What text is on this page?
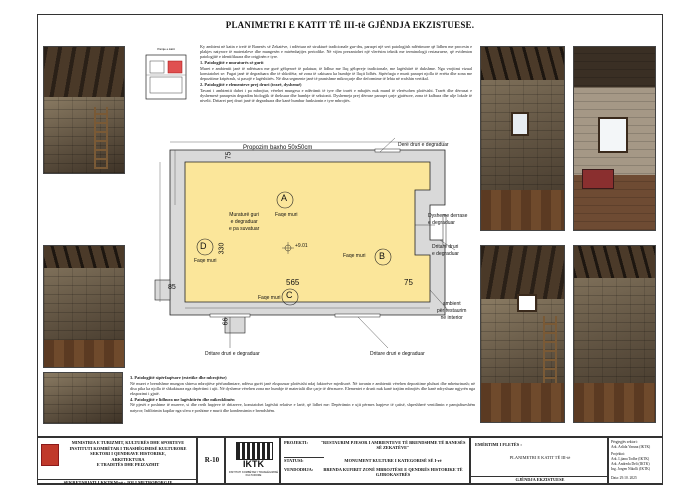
PLANIMETRI E KATIT TË III-të GJËNDJA EKZISTUESE.
Pamje e katit	Ky ambient në katin e tretë të Banesës së Zekatëve, i ndërtuar në strukturë tradicionale gur-dru, paraqet një seri patologjish ndërtimore që lidhen me procesin e plakjes natyrore të materialeve dhe mungesën e mirëmbajtjes periodike. Në vijim prezantohet një vlerësim teknik me terminologji restauruese, që evidenton patologjitë e identifikuara dhe origjinën e tyre.

1. Patologjitë e muraturës së gurit

Muret e ambientit janë të ndërtuara me gurë gëlqerorë të palatuar, të lidhur me llaç gëlqereje tradicionale, me lagështirë të dukshme. Nga vrojtimi vizual konstatohet se: Fugat janë të degraduara dhe të shkrifëta; në zona të caktuara ka humbje të llaçit lidhës. Sipërfaqja e murit paraqet njolla të errëta dhe zona me depozitime kripërash, si pasojë e lagështirës. Në disa segmente janë të pranishme mikroçarje dhe deformime të lehta në rrafshin vertikal.

2. Patologjitë e elementeve prej druri (trarë, dyshemé)

Tavani i ambientit dubet i pa mbrojtur, vërehet mungesa e ndërtimit të tyre dhe trarët e mbajtës nuk mund të vlerësohen plotësisht. Trarët dhe dërrasat e dyshemesë paraqesin degradim biologjik të theksuar dhe humbje të seksionit. Dyshemeja prej dërrase paraqet çarje gjatësore, zona të kalbura dhe ulje lokale të nivelit. Dritaret prej druri janë të degraduara dhe kanë humbur funksionin e tyre mbrojtës.

Propozim baxho 50x50cm
75
330
85
66
565	75
+9.01
A
Faqe muri
B
Faqe muri
C
Faqe muri
D
Faqe muri
Muraturë guri
e degraduar
e pa suvatuar
Derë druri e degraduar
Dysheme derrase
e degraduar
Dritare druri
e degraduar
ambient
për restaurim
në interior
Dritare druri e degraduar	Dritare druri e degraduar
3. Patologjitë sipërfaqësore (estetike dhe mbrojtëse)

Në muret e brendshme mungon shtresa mbrojtëse përfundimtare, ndërsa gurët janë ekspozuar plotësisht ndaj faktorëve mjedisorë. Në tavanin e ambientit vërehen depozitime pluhuri dhe mbeturinash; në disa pika ka njolla të shkaktuara nga depërtimi i ujit. Në dysheme vërehen zona me humbje të materialit dhe çarje të dërrasave. Elementet e drurit nuk kanë trajtim mbrojtës dhe kanë ndryshuar ngjyrën nga ekspozimi i gjatë.

4. Patologjitë e lidhura me lagështirën dhe mikroklimën

Në pjesët e poshtme të mureve, si dhe rreth hapjeve të dritareve, konstatohet lagështi relative e lartë, që lidhet me: Depërtimin e ujit përmes hapjeve të çatisë, shpeshherë ventilimin e pamjaftueshëm natyror; Infiltrimin kapilar nga sfera e poshtme e murit dhe kondensimin e brendshëm.

MINISTRIA E TURIZMIT, KULTURËS DHE SPORTEVE
INSTITUTI KOMBËTAR I TRASHËGIMISË KULTURORE
SEKTORI I QENDRAVE HISTORIKE,
ARKITEKTURA
E TRADITËS DHE PEIZAZHIT
SEKRETARIATI I KKTKM-së : JOLI METROPORGJE
R-10	IKTK
INSTITUTI KOMBËTAR I TRASHËGIMISË KULTURORE
PROJEKTI:	"RESTAURIM PJESOR I AMBIENTEVE TË BRENDSHME TË BANESËS SË ZEKATËVE"
STATUSI:	MONUMENT KULTURE I KATEGORISË SË I-rë
VENDODHJA:	BRENDA KUFIRIT ZONË MBROJTËSE E QENDRËS HISTORIKE TË GJIROKASTRËS
EMËRTIMI I FLETËS :
PLANIMETRI E KATIT TË III-të
GJËNDJA EKZISTUESE
Përgjegjës sektori:
Ark. Arlida Varuna (IKTK)
Projektoi:
Ark. Ljiana Todhe (IKTK)
Ark. Andreda Deli (IKTK)
Ing. Jorgen Nikolli (IKTK)
Data: 29.10. 2025
